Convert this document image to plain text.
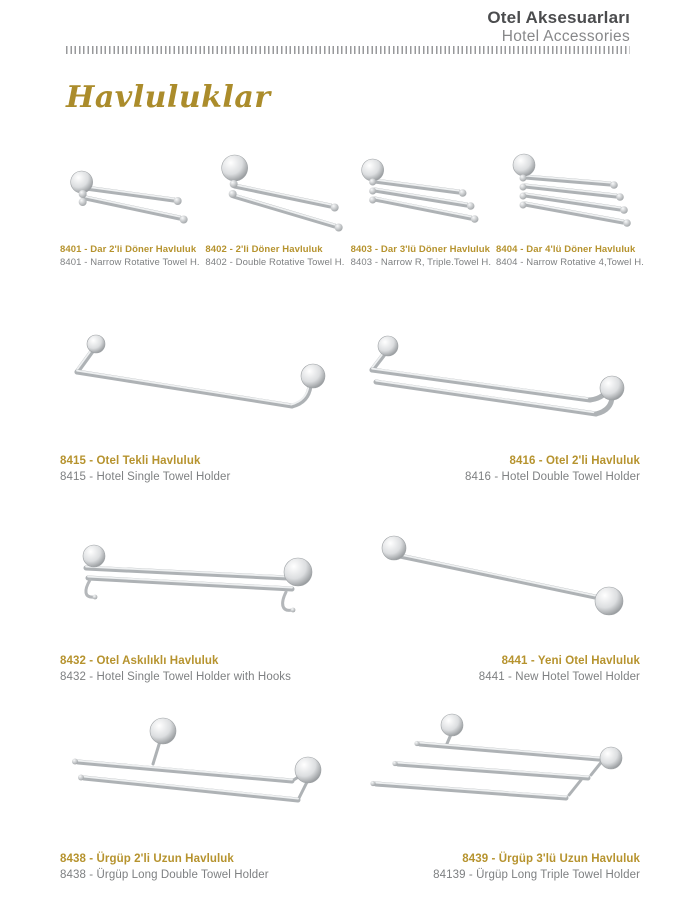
Otel Aksesuarları
Hotel Accessories
Havluluklar
8401 - Dar 2'li Döner Havluluk
8401 - Narrow Rotative Towel H.
8402 - 2'li Döner Havluluk
8402 - Double Rotative Towel H.
8403 - Dar 3'lü Döner Havluluk
8403 - Narrow R, Triple.Towel H.
8404 - Dar 4'lü Döner Havluluk
8404 - Narrow Rotative 4,Towel H.
8415 - Otel Tekli Havluluk
8415 - Hotel Single Towel Holder
8416 - Otel 2'li Havluluk
8416 - Hotel Double Towel Holder
8432 - Otel Askılıklı Havluluk
8432 - Hotel Single Towel Holder with Hooks
8441 - Yeni Otel Havluluk
8441 - New Hotel Towel Holder
8438 - Ürgüp 2'li Uzun Havluluk
8438 - Ürgüp Long Double Towel Holder
8439 - Ürgüp 3'lü Uzun Havluluk
84139 - Ürgüp Long Triple Towel Holder
